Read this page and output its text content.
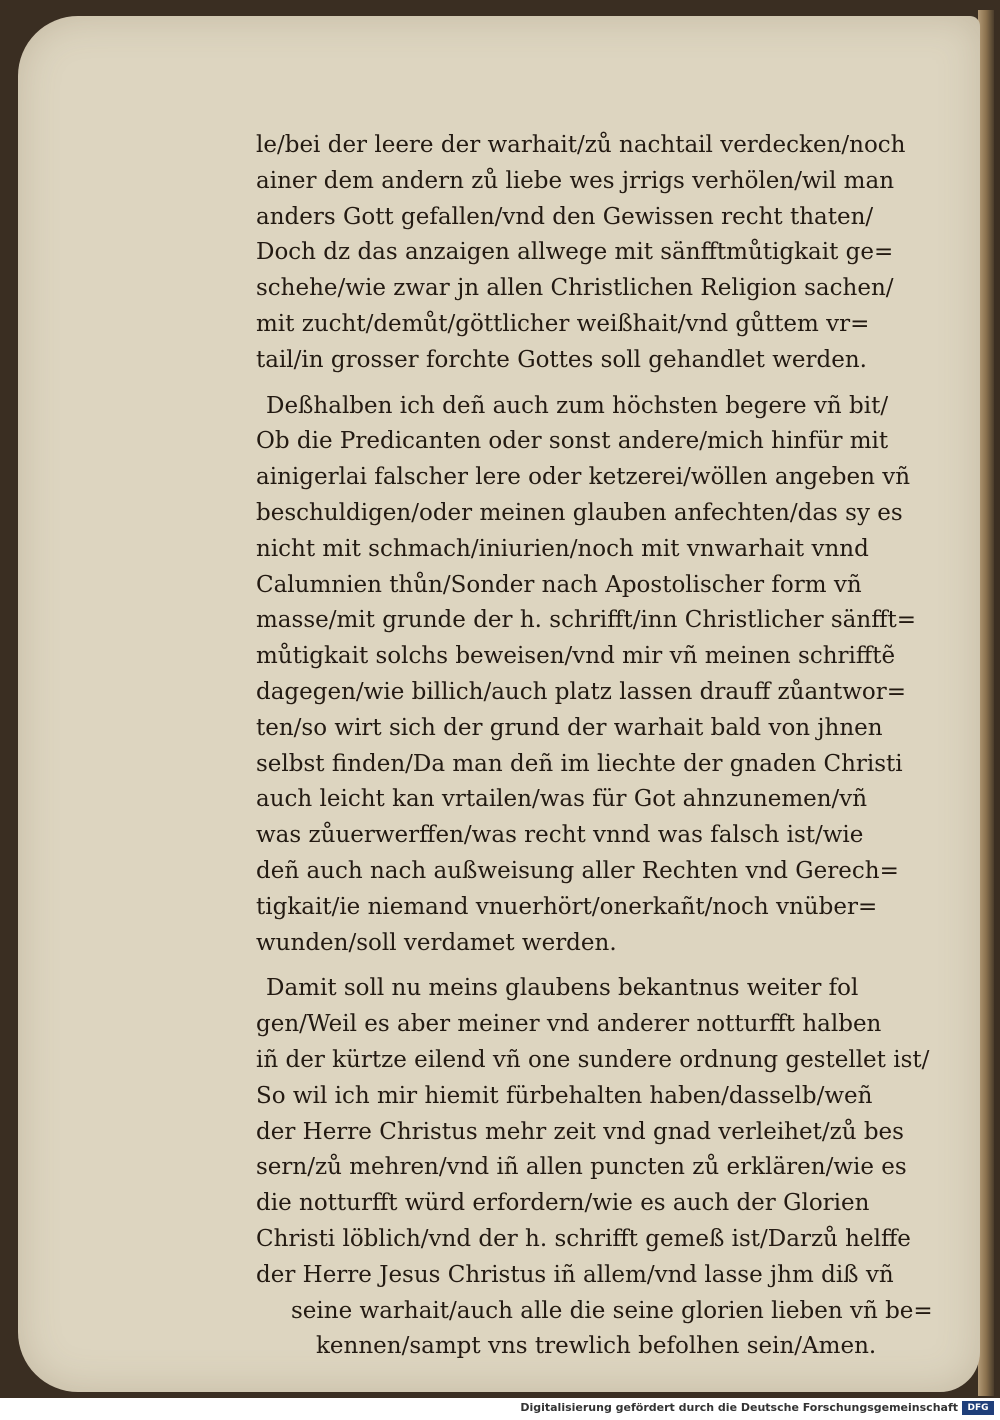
le/bei der leere der warhait/zů nachtail verdecken/noch
ainer dem andern zů liebe wes jrrigs verhölen/wil man
anders Gott gefallen/vnd den Gewissen recht thaten/
Doch dz das anzaigen allwege mit sänfftmůtigkait ge=
schehe/wie zwar jn allen Christlichen Religion sachen/
mit zucht/demůt/göttlicher weißhait/vnd gůttem vr=
tail/in grosser forchte Gottes soll gehandlet werden.
Deßhalben ich deñ auch zum höchsten begere vñ bit/
Ob die Predicanten oder sonst andere/mich hinfür mit
ainigerlai falscher lere oder ketzerei/wöllen angeben vñ
beschuldigen/oder meinen glauben anfechten/das sy es
nicht mit schmach/iniurien/noch mit vnwarhait vnnd
Calumnien thůn/Sonder nach Apostolischer form vñ
masse/mit grunde der h. schrifft/inn Christlicher sänfft=
můtigkait solchs beweisen/vnd mir vñ meinen schrifftẽ
dagegen/wie billich/auch platz lassen drauff zůantwor=
ten/so wirt sich der grund der warhait bald von jhnen
selbst finden/Da man deñ im liechte der gnaden Christi
auch leicht kan vrtailen/was für Got ahnzunemen/vñ
was zůuerwerffen/was recht vnnd was falsch ist/wie
deñ auch nach außweisung aller Rechten vnd Gerech=
tigkait/ie niemand vnuerhört/onerkañt/noch vnüber=
wunden/soll verdamet werden.
Damit soll nu meins glaubens bekantnus weiter fol
gen/Weil es aber meiner vnd anderer notturfft halben
iñ der kürtze eilend vñ one sundere ordnung gestellet ist/
So wil ich mir hiemit fürbehalten haben/dasselb/weñ
der Herre Christus mehr zeit vnd gnad verleihet/zů bes
sern/zů mehren/vnd iñ allen puncten zů erklären/wie es
die notturfft würd erfordern/wie es auch der Glorien
Christi löblich/vnd der h. schrifft gemeß ist/Darzů helffe
der Herre Jesus Christus iñ allem/vnd lasse jhm diß vñ
seine warhait/auch alle die seine glorien lieben vñ be=
kennen/sampt vns trewlich befolhen sein/Amen.
Digitalisierung gefördert durch die Deutsche Forschungsgemeinschaft	DFG
